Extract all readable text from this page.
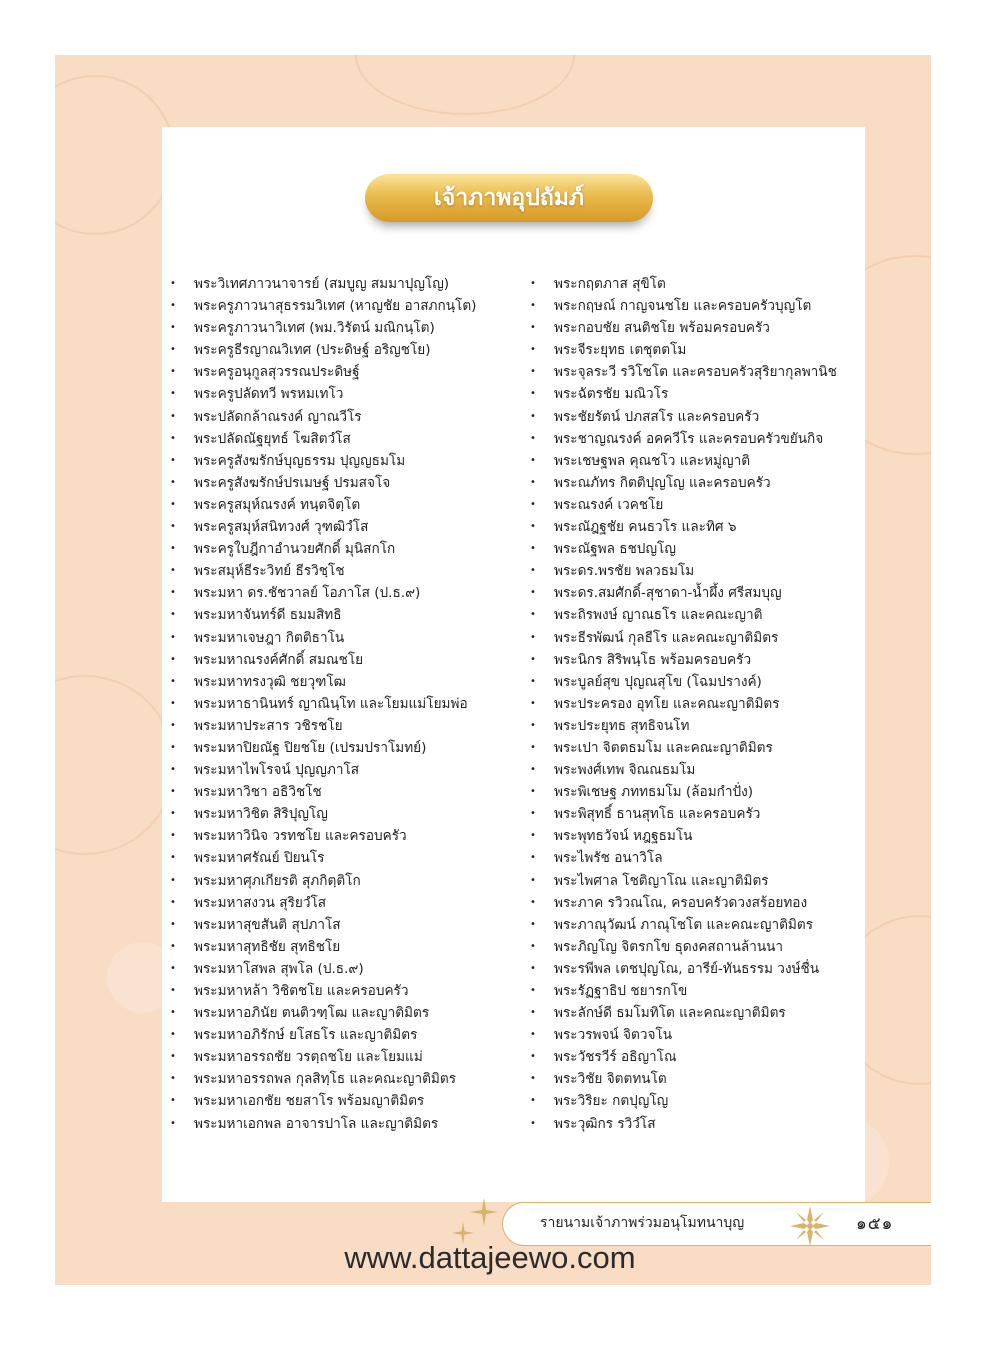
เจ้าภาพอุปถัมภ์
•	พระวิเทศภาวนาจารย์ (สมบูญ สมมาปุญโญ)
•	พระครูภาวนาสุธรรมวิเทศ (หาญชัย อาสภกนฺโต)
•	พระครูภาวนาวิเทศ (พม.วิรัตน์ มณิกนฺโต)
•	พระครูธีรญาณวิเทศ (ประดิษฐ์ อริญชโย)
•	พระครูอนุกูลสุวรรณประดิษฐ์
•	พระครูปลัดทวี พรหมเทโว
•	พระปลัดกล้าณรงค์ ญาณวีโร
•	พระปลัดณัฐยุทธ์ โฆสิตวํโส
•	พระครูสังฆรักษ์บุญธรรม ปุญญธมโม
•	พระครูสังฆรักษ์ปรเมษฐ์ ปรมสจโจ
•	พระครูสมุห์ณรงค์ ทนฺตจิตฺโต
•	พระครูสมุห์สนิทวงศ์ วุฑฒิวํโส
•	พระครูใบฎีกาอำนวยศักดิ์ มุนิสกโก
•	พระสมุห์ธีระวิทย์ ธีรวิชฺโช
•	พระมหา ดร.ชัชวาลย์ โอภาโส (ป.ธ.๙)
•	พระมหาจันทร์ดี ธมมสิทธิ
•	พระมหาเจษฎา กิตติธาโน
•	พระมหาณรงค์ศักดิ์ สมณชโย
•	พระมหาทรงวุฒิ ชยวุฑโฒ
•	พระมหาธานินทร์ ญาณินฺโท และโยมแม่โยมพ่อ
•	พระมหาประสาร วชิรชโย
•	พระมหาปิยณัฐ ปิยชโย (เปรมปราโมทย์)
•	พระมหาไพโรจน์ ปุญญภาโส
•	พระมหาวิชา อธิวิชโช
•	พระมหาวิชิต สิริปุญโญ
•	พระมหาวินิจ วรทชโย และครอบครัว
•	พระมหาศรัณย์ ปิยนโร
•	พระมหาศุภเกียรติ สุภกิตฺติโก
•	พระมหาสงวน สุริยวํโส
•	พระมหาสุขสันติ สุปภาโส
•	พระมหาสุทธิชัย สุทธิชโย
•	พระมหาโสพล สุพโล (ป.ธ.๙)
•	พระมหาหล้า วิชิตชโย และครอบครัว
•	พระมหาอภินัย ตนติวฑฺโฒ และญาติมิตร
•	พระมหาอภิรักษ์ ยโสธโร และญาติมิตร
•	พระมหาอรรถชัย วรตฺถชโย และโยมแม่
•	พระมหาอรรถพล กุลสิทฺโธ และคณะญาติมิตร
•	พระมหาเอกชัย ชยสาโร พร้อมญาติมิตร
•	พระมหาเอกพล อาจารปาโล และญาติมิตร
•	พระกฤตภาส สุขิโต
•	พระกฤษณ์ กาญจนชโย และครอบครัวบุญโต
•	พระกอบชัย สนติชโย พร้อมครอบครัว
•	พระจีระยุทธ เตชุตตโม
•	พระจุลระวี รวิโชโต และครอบครัวสุริยากุลพานิช
•	พระฉัตรชัย มณิวโร
•	พระชัยรัตน์ ปภสสโร และครอบครัว
•	พระชาญณรงค์ อคควีโร และครอบครัวขยันกิจ
•	พระเชษฐพล คุณชโว และหมู่ญาติ
•	พระณภัทร กิตติปุญโญ และครอบครัว
•	พระณรงค์ เวคชโย
•	พระณัฎฐชัย คนธวโร และทิศ ๖
•	พระณัฐพล ธชปญโญ
•	พระดร.พรชัย พลวธมโม
•	พระดร.สมศักดิ์-สุชาดา-น้ำผึ้ง ศรีสมบุญ
•	พระถิรพงษ์ ญาณธโร และคณะญาติ
•	พระธีรพัฒน์ กุลธีโร และคณะญาติมิตร
•	พระนิกร สิริพนฺโธ พร้อมครอบครัว
•	พระบูลย์สุข ปุญณสุโข (โฉมปรางค์)
•	พระประครอง อุทโย และคณะญาติมิตร
•	พระประยุทธ สุทธิจนโท
•	พระเปา จิตตธมโม และคณะญาติมิตร
•	พระพงศ์เทพ จิณณธมโม
•	พระพิเชษฐ ภททธมโม (ล้อมกำปั่ง)
•	พระพิสุทธิ์ ธานสุทโธ และครอบครัว
•	พระพุทธวัจน์ หฎฐธมโน
•	พระไพรัช อนาวิโล
•	พระไพศาล โชติญาโณ และญาติมิตร
•	พระภาค รวิวณโณ, ครอบครัวดวงสร้อยทอง
•	พระภาณุวัฒน์ ภาณุโชโต และคณะญาติมิตร
•	พระภิญโญ จิตรกโข ธุดงคสถานล้านนา
•	พระรพีพล เตชปุญโณ, อารีย์-ทันธรรม วงษ์ชื่น
•	พระรัฏฐาธิป ชยารกโข
•	พระลักษ์ดี ธมโมทิโต และคณะญาติมิตร
•	พระวรพจน์ จิตวจโน
•	พระวัชรวีร์ อธิญาโณ
•	พระวิชัย จิตตทนโต
•	พระวิริยะ กตปุญโญ
•	พระวุฒิกร รวิวํโส
รายนามเจ้าภาพร่วมอนุโมทนาบุญ	๑๕๑
www.dattajeewo.com
